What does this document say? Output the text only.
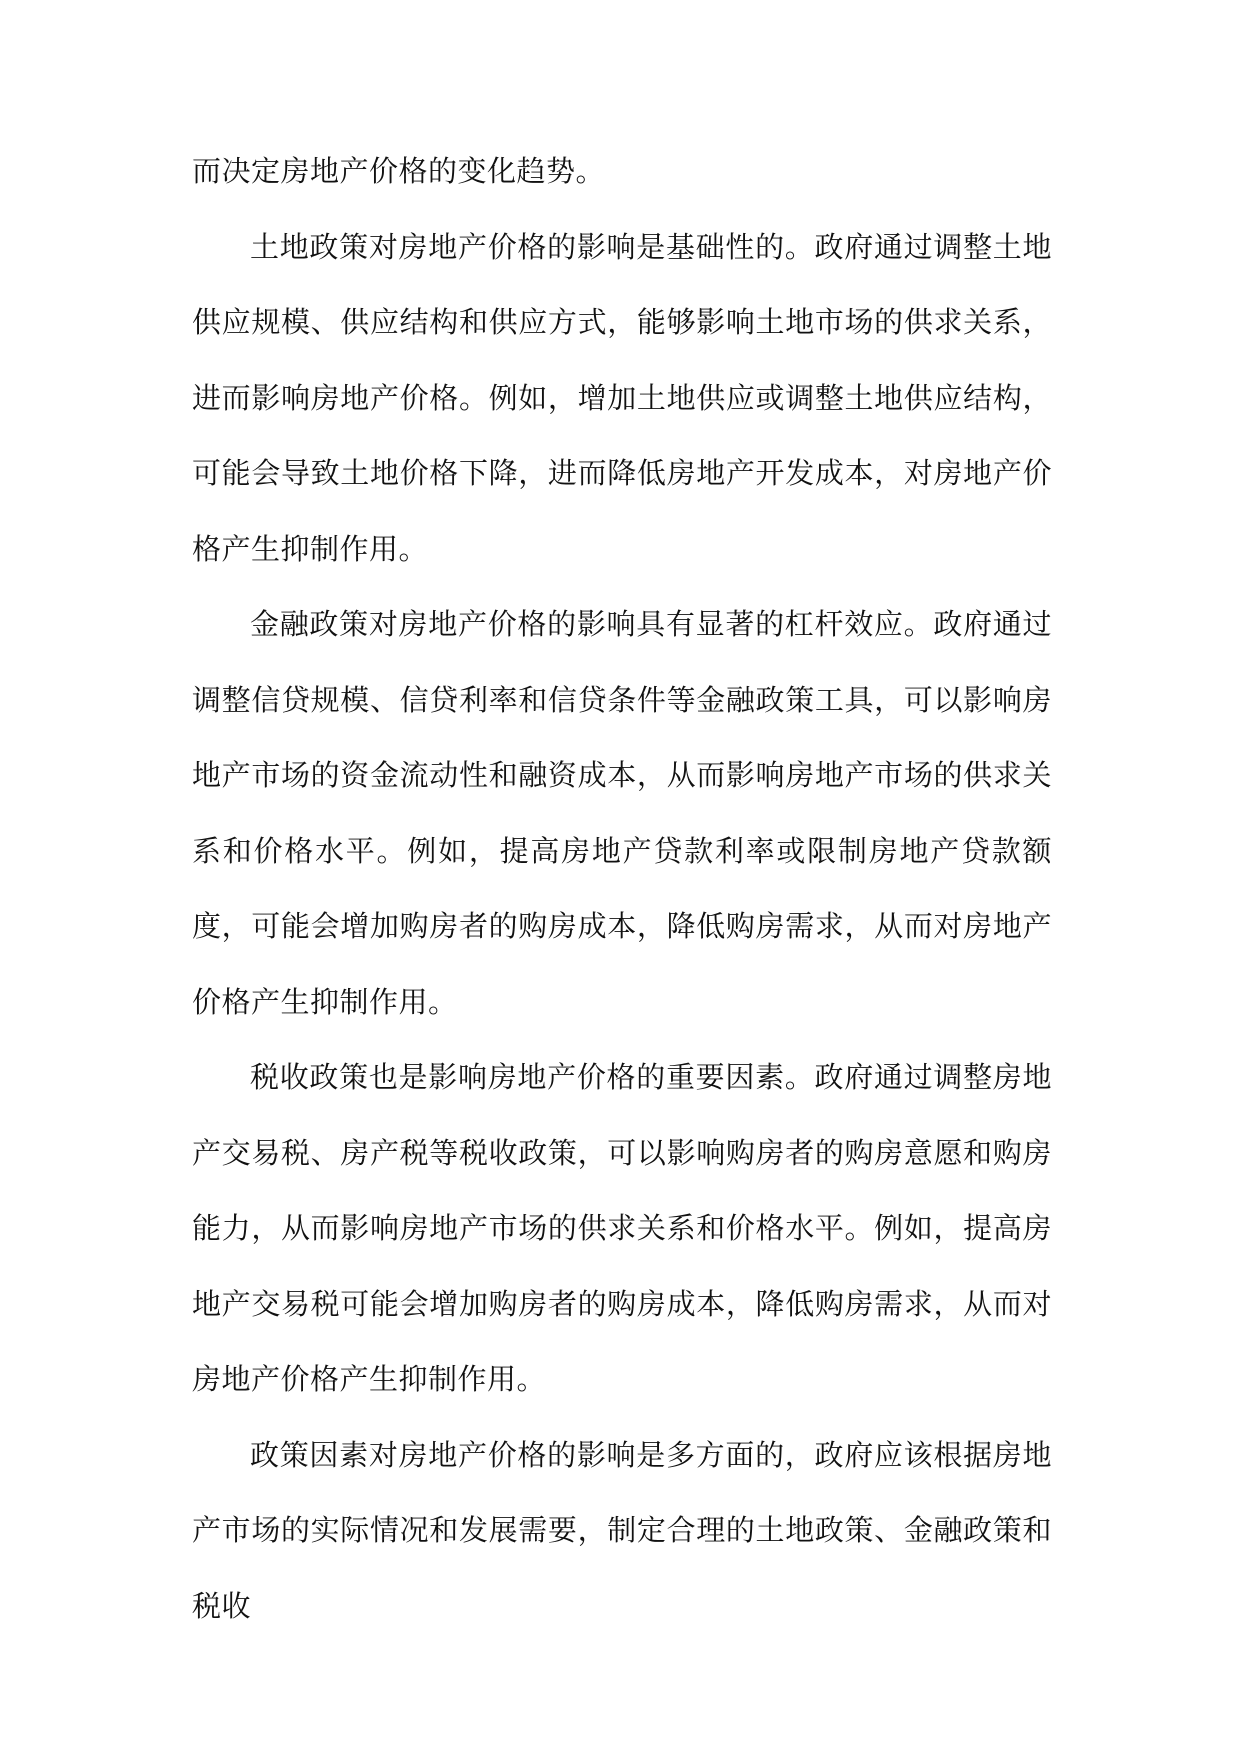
而决定房地产价格的变化趋势。

土地政策对房地产价格的影响是基础性的。政府通过调整土地供应规模、供应结构和供应方式，能够影响土地市场的供求关系，进而影响房地产价格。例如，增加土地供应或调整土地供应结构，可能会导致土地价格下降，进而降低房地产开发成本，对房地产价格产生抑制作用。

金融政策对房地产价格的影响具有显著的杠杆效应。政府通过调整信贷规模、信贷利率和信贷条件等金融政策工具，可以影响房地产市场的资金流动性和融资成本，从而影响房地产市场的供求关系和价格水平。例如，提高房地产贷款利率或限制房地产贷款额度，可能会增加购房者的购房成本，降低购房需求，从而对房地产价格产生抑制作用。

税收政策也是影响房地产价格的重要因素。政府通过调整房地产交易税、房产税等税收政策，可以影响购房者的购房意愿和购房能力，从而影响房地产市场的供求关系和价格水平。例如，提高房地产交易税可能会增加购房者的购房成本，降低购房需求，从而对房地产价格产生抑制作用。

政策因素对房地产价格的影响是多方面的，政府应该根据房地产市场的实际情况和发展需要，制定合理的土地政策、金融政策和税收
